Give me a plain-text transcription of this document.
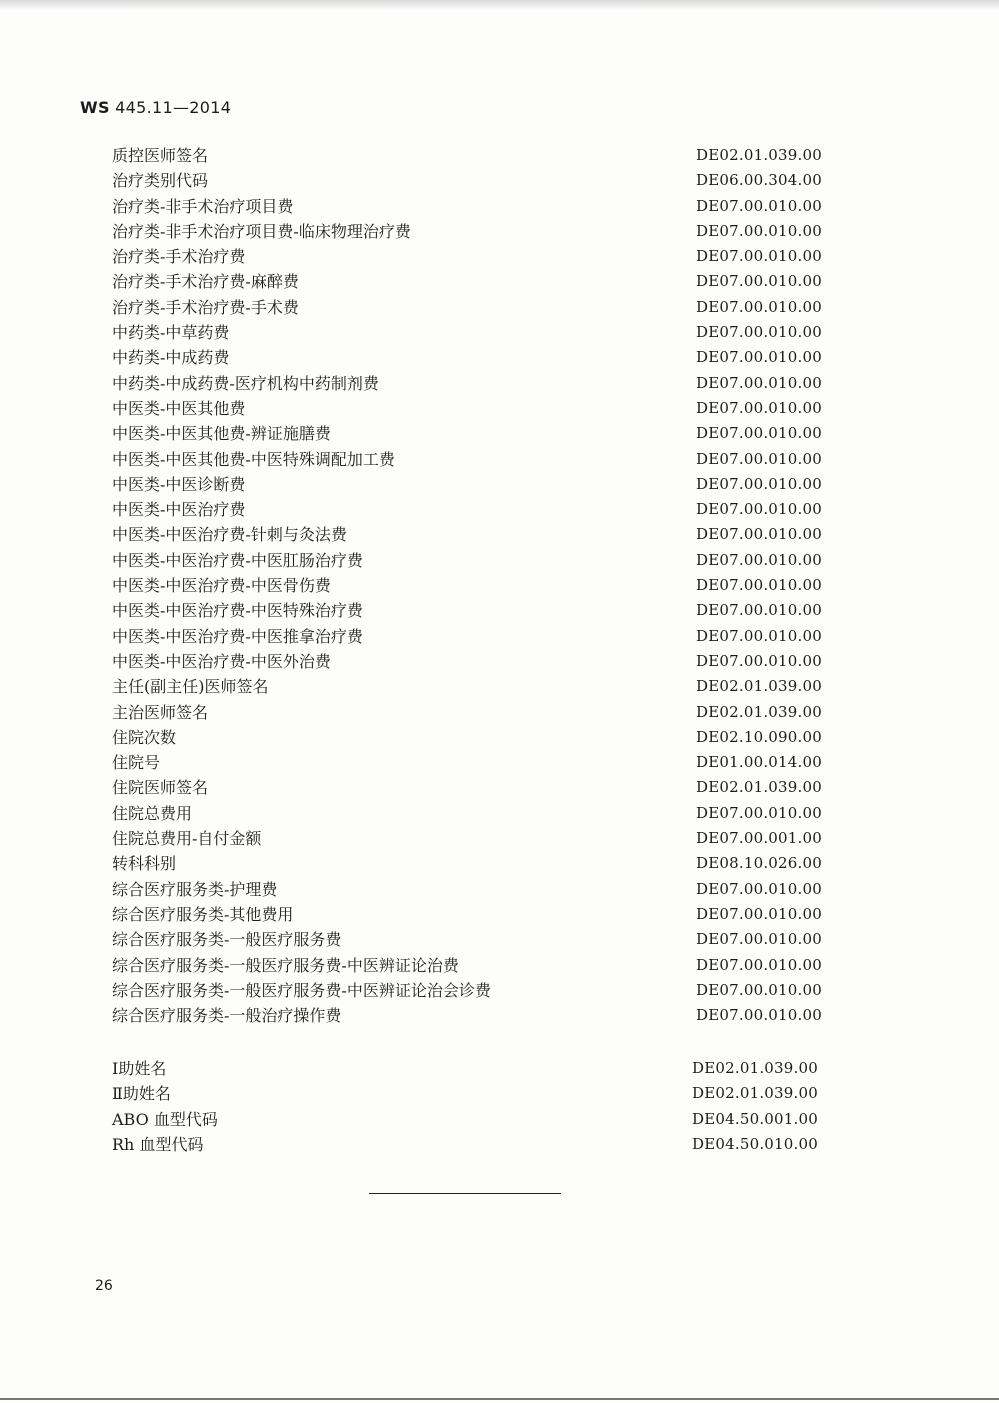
WS 445.11—2014
质控医师签名	DE02.01.039.00
治疗类别代码	DE06.00.304.00
治疗类-非手术治疗项目费	DE07.00.010.00
治疗类-非手术治疗项目费-临床物理治疗费	DE07.00.010.00
治疗类-手术治疗费	DE07.00.010.00
治疗类-手术治疗费-麻醉费	DE07.00.010.00
治疗类-手术治疗费-手术费	DE07.00.010.00
中药类-中草药费	DE07.00.010.00
中药类-中成药费	DE07.00.010.00
中药类-中成药费-医疗机构中药制剂费	DE07.00.010.00
中医类-中医其他费	DE07.00.010.00
中医类-中医其他费-辨证施膳费	DE07.00.010.00
中医类-中医其他费-中医特殊调配加工费	DE07.00.010.00
中医类-中医诊断费	DE07.00.010.00
中医类-中医治疗费	DE07.00.010.00
中医类-中医治疗费-针刺与灸法费	DE07.00.010.00
中医类-中医治疗费-中医肛肠治疗费	DE07.00.010.00
中医类-中医治疗费-中医骨伤费	DE07.00.010.00
中医类-中医治疗费-中医特殊治疗费	DE07.00.010.00
中医类-中医治疗费-中医推拿治疗费	DE07.00.010.00
中医类-中医治疗费-中医外治费	DE07.00.010.00
主任(副主任)医师签名	DE02.01.039.00
主治医师签名	DE02.01.039.00
住院次数	DE02.10.090.00
住院号	DE01.00.014.00
住院医师签名	DE02.01.039.00
住院总费用	DE07.00.010.00
住院总费用-自付金额	DE07.00.001.00
转科科别	DE08.10.026.00
综合医疗服务类-护理费	DE07.00.010.00
综合医疗服务类-其他费用	DE07.00.010.00
综合医疗服务类-一般医疗服务费	DE07.00.010.00
综合医疗服务类-一般医疗服务费-中医辨证论治费	DE07.00.010.00
综合医疗服务类-一般医疗服务费-中医辨证论治会诊费	DE07.00.010.00
综合医疗服务类-一般治疗操作费	DE07.00.010.00
Ⅰ助姓名	DE02.01.039.00
Ⅱ助姓名	DE02.01.039.00
ABO 血型代码	DE04.50.001.00
Rh 血型代码	DE04.50.010.00
26
